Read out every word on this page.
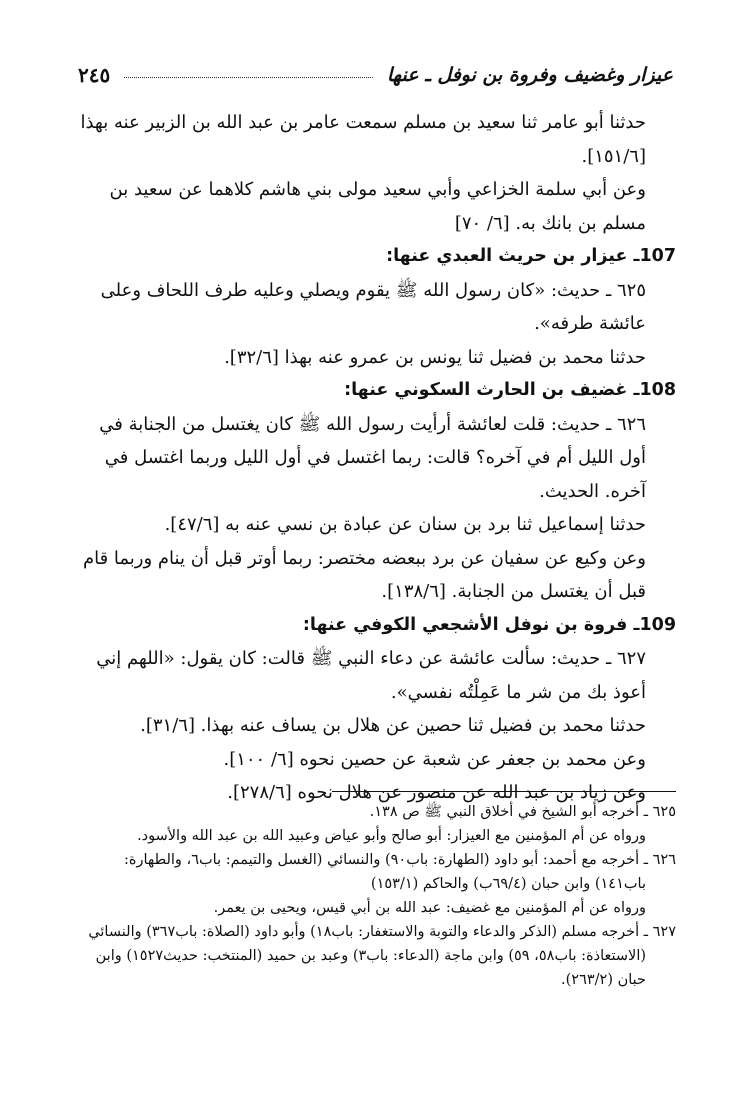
عيزار وغضيف وفروة بن نوفل ـ عنها
٢٤٥

حدثنا أبو عامر ثنا سعيد بن مسلم سمعت عامر بن عبد الله بن الزبير عنه بهذا [١٥١/٦].

وعن أبي سلمة الخزاعي وأبي سعيد مولى بني هاشم كلاهما عن سعيد بن مسلم بن بانك به. [٦/ ٧٠]

107ـ عيزار بن حريث العبدي عنها:

٦٢٥ ـ حديث: «كان رسول الله ﷺ يقوم ويصلي وعليه طرف اللحاف وعلى عائشة طرفه».

حدثنا محمد بن فضيل ثنا يونس بن عمرو عنه بهذا [٣٢/٦].

108ـ غضيف بن الحارث السكوني عنها:

٦٢٦ ـ حديث: قلت لعائشة أرأيت رسول الله ﷺ كان يغتسل من الجنابة في أول الليل أم في آخره؟ قالت: ربما اغتسل في أول الليل وربما اغتسل في آخره. الحديث.

حدثنا إسماعيل ثنا برد بن سنان عن عبادة بن نسي عنه به [٤٧/٦].

وعن وكيع عن سفيان عن برد ببعضه مختصر: ربما أوتر قبل أن ينام وربما قام قبل أن يغتسل من الجنابة. [١٣٨/٦].

109ـ فروة بن نوفل الأشجعي الكوفي عنها:

٦٢٧ ـ حديث: سألت عائشة عن دعاء النبي ﷺ قالت: كان يقول: «اللهم إني أعوذ بك من شر ما عَمِلْتُه نفسي».

حدثنا محمد بن فضيل ثنا حصين عن هلال بن يساف عنه بهذا. [٣١/٦].

وعن محمد بن جعفر عن شعبة عن حصين نحوه [٦/ ١٠٠].

وعن زياد بن عبد الله عن منصور عن هلال نحوه [٢٧٨/٦].

٦٢٥ ـ أخرجه أبو الشيخ في أخلاق النبي ﷺ ص ١٣٨.

ورواه عن أم المؤمنين مع العيزار: أبو صالح وأبو عياض وعبيد الله بن عبد الله والأسود.

٦٢٦ ـ أخرجه مع أحمد: أبو داود (الطهارة: باب٩٠) والنسائي (الغسل والتيمم: باب٦، والطهارة: باب١٤١) وابن حبان (٦٩/٤ب) والحاكم (١٥٣/١)

ورواه عن أم المؤمنين مع غضيف: عبد الله بن أبي قيس، ويحيى بن يعمر.

٦٢٧ ـ أخرجه مسلم (الذكر والدعاء والتوبة والاستغفار: باب١٨) وأبو داود (الصلاة: باب٣٦٧) والنسائي (الاستعاذة: باب٥٨، ٥٩) وابن ماجة (الدعاء: باب٣) وعبد بن حميد (المنتخب: حديث١٥٢٧) وابن حبان (٢٦٣/٢).
